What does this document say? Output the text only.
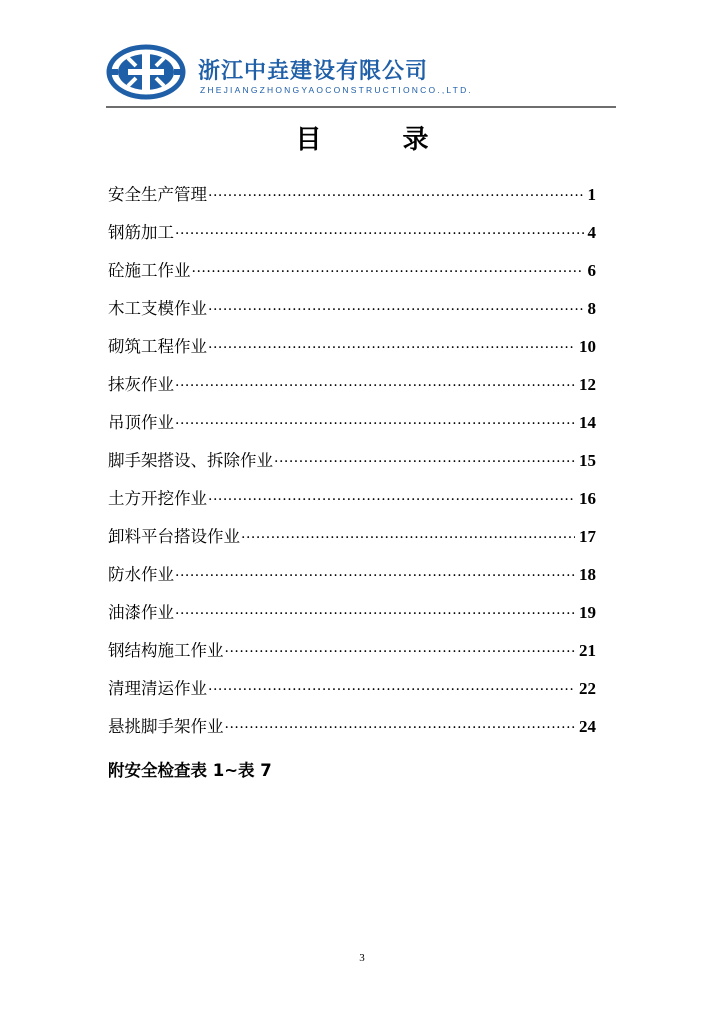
浙江中垚建设有限公司
ZHEJIANGZHONGYAOCONSTRUCTIONCO.,LTD.
目 录
安全生产管理 ·····	1
钢筋加工 ·····	4
砼施工作业 ·····	6
木工支模作业 ·····	8
砌筑工程作业 ·····	10
抹灰作业 ·····	12
吊顶作业 ·····	14
脚手架搭设、拆除作业 ·····	15
土方开挖作业 ·····	16
卸料平台搭设作业 ·····	17
防水作业 ·····	18
油漆作业 ·····	19
钢结构施工作业 ·····	21
清理清运作业 ·····	22
悬挑脚手架作业 ·····	24
附安全检查表 1~表 7
3
